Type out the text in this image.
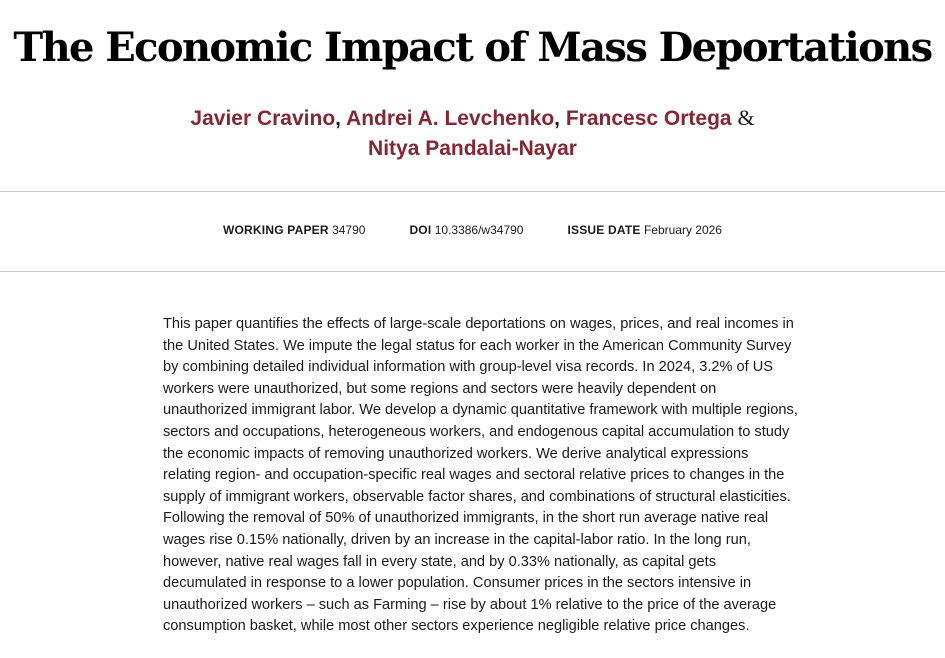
The Economic Impact of Mass Deportations
Javier Cravino, Andrei A. Levchenko, Francesc Ortega &
Nitya Pandalai-Nayar
WORKING PAPER 34790	DOI 10.3386/w34790	ISSUE DATE February 2026

This paper quantifies the effects of large-scale deportations on wages, prices, and real incomes in the United States. We impute the legal status for each worker in the American Community Survey by combining detailed individual information with group-level visa records. In 2024, 3.2% of US workers were unauthorized, but some regions and sectors were heavily dependent on unauthorized immigrant labor. We develop a dynamic quantitative framework with multiple regions, sectors and occupations, heterogeneous workers, and endogenous capital accumulation to study the economic impacts of removing unauthorized workers. We derive analytical expressions relating region- and occupation-specific real wages and sectoral relative prices to changes in the supply of immigrant workers, observable factor shares, and combinations of structural elasticities. Following the removal of 50% of unauthorized immigrants, in the short run average native real wages rise 0.15% nationally, driven by an increase in the capital-labor ratio. In the long run, however, native real wages fall in every state, and by 0.33% nationally, as capital gets decumulated in response to a lower population. Consumer prices in the sectors intensive in unauthorized workers – such as Farming – rise by about 1% relative to the price of the average consumption basket, while most other sectors experience negligible relative price changes.
